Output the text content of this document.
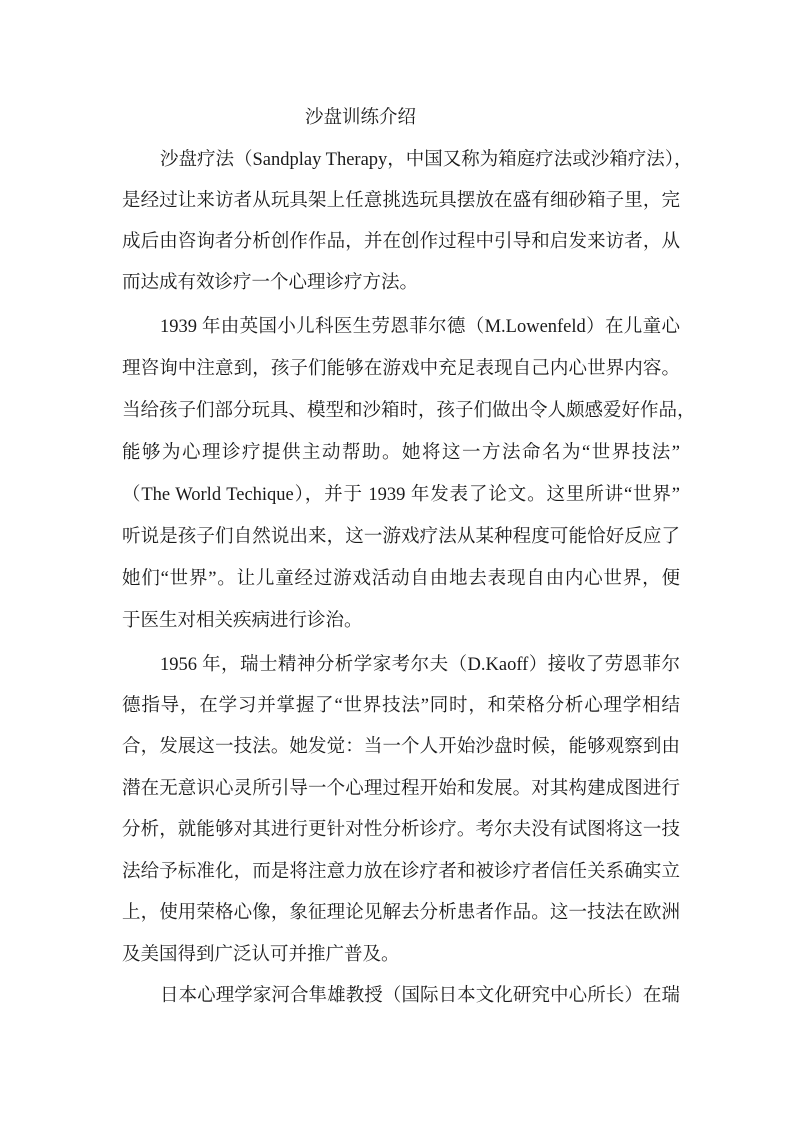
沙盘训练介绍
沙盘疗法（Sandplay Therapy，中国又称为箱庭疗法或沙箱疗法），
是经过让来访者从玩具架上任意挑选玩具摆放在盛有细砂箱子里，完
成后由咨询者分析创作作品，并在创作过程中引导和启发来访者，从
而达成有效诊疗一个心理诊疗方法。
1939 年由英国小儿科医生劳恩菲尔德（M.Lowenfeld）在儿童心
理咨询中注意到，孩子们能够在游戏中充足表现自己内心世界内容。
当给孩子们部分玩具、模型和沙箱时，孩子们做出令人颇感爱好作品，
能够为心理诊疗提供主动帮助。她将这一方法命名为“世界技法”
（The World Techique），并于 1939 年发表了论文。这里所讲“世界”
听说是孩子们自然说出来，这一游戏疗法从某种程度可能恰好反应了
她们“世界”。让儿童经过游戏活动自由地去表现自由内心世界，便
于医生对相关疾病进行诊治。
1956 年，瑞士精神分析学家考尔夫（D.Kaoff）接收了劳恩菲尔
德指导，在学习并掌握了“世界技法”同时，和荣格分析心理学相结
合，发展这一技法。她发觉：当一个人开始沙盘时候，能够观察到由
潜在无意识心灵所引导一个心理过程开始和发展。对其构建成图进行
分析，就能够对其进行更针对性分析诊疗。考尔夫没有试图将这一技
法给予标准化，而是将注意力放在诊疗者和被诊疗者信任关系确实立
上，使用荣格心像，象征理论见解去分析患者作品。这一技法在欧洲
及美国得到广泛认可并推广普及。
日本心理学家河合隼雄教授（国际日本文化研究中心所长）在瑞
